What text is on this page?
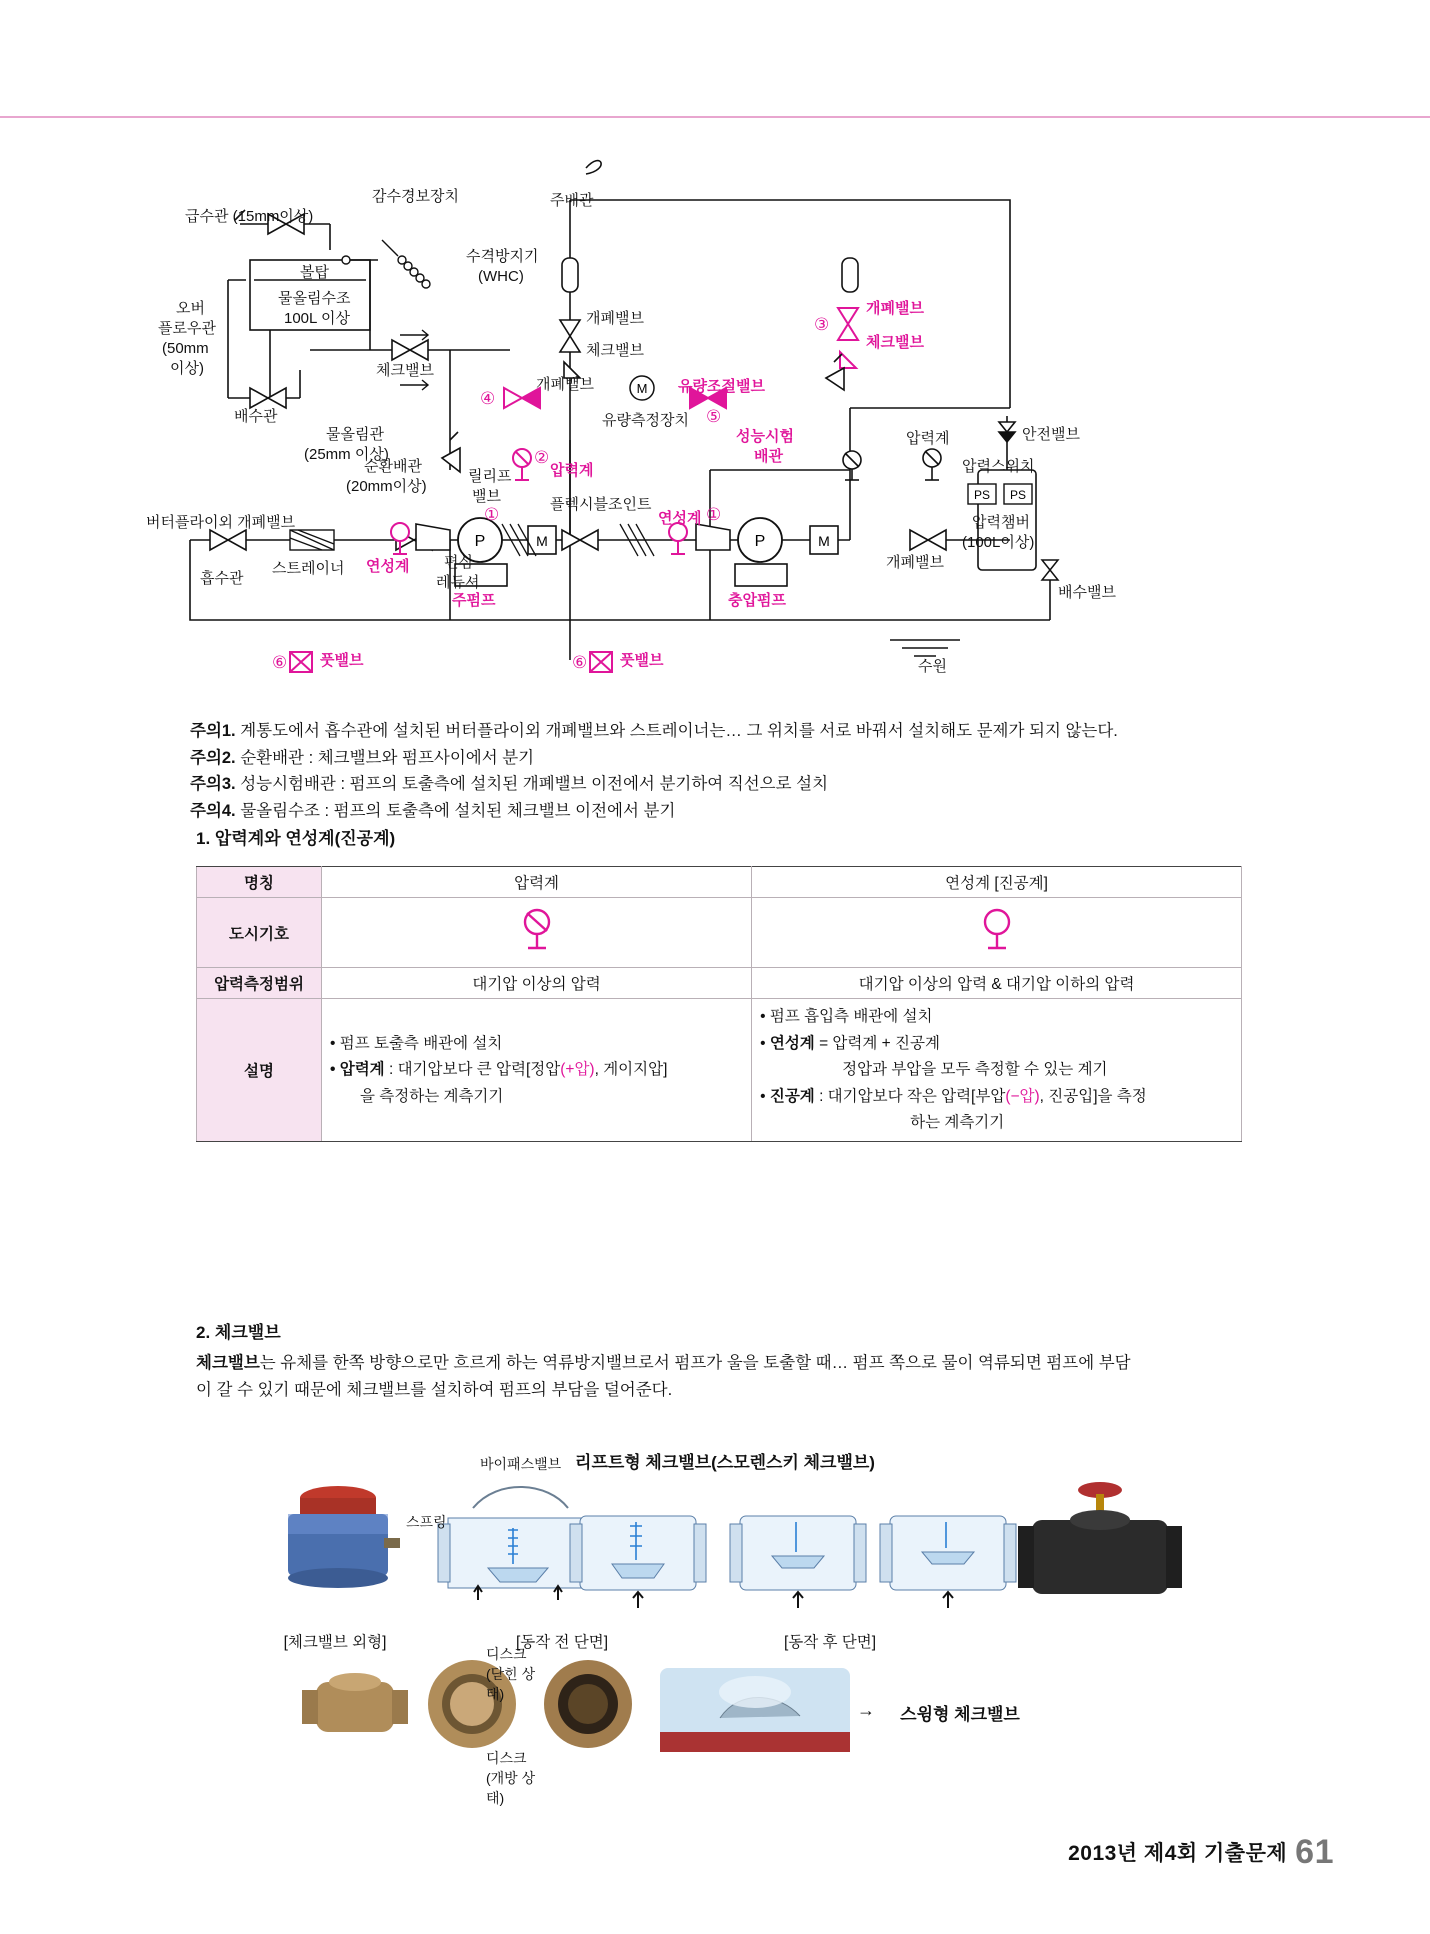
P	P
M	M
M
PS PS
①
②
③
④
⑤
⑥	⑥
①
급수관 (15mm이상)
감수경보장치	주배관
볼탑
물올림수조
100L 이상
오버
플로우관
(50mm
이상)
배수관
수격방지기
(WHC)
개폐밸브
체크밸브
개폐밸브
체크밸브
체크밸브
개폐밸브	유량조절밸브
유량측정장치
성능시험
배관
물올림관
(25mm 이상)
순환배관
(20mm이상)
릴리프
밸브
압력계
플렉시블조인트
연성계
압력계	안전밸브
압력스위치
압력챔버
(100L이상)
개폐밸브
배수밸브
버터플라이외 개폐밸브
스트레이너 연성계 편심
레듀셔
흡수관
주펌프	충압펌프
풋밸브	풋밸브	수원
주의1. 계통도에서 흡수관에 설치된 버터플라이외 개폐밸브와 스트레이너는… 그 위치를 서로 바꿔서 설치해도 문제가 되지 않는다.
주의2. 순환배관 : 체크밸브와 펌프사이에서 분기
주의3. 성능시험배관 : 펌프의 토출측에 설치된 개폐밸브 이전에서 분기하여 직선으로 설치
주의4. 물올림수조 : 펌프의 토출측에 설치된 체크밸브 이전에서 분기
1. 압력계와 연성계(진공계)
명칭	압력계	연성계 [진공계]
도시기호		
압력측정범위	대기압 이상의 압력	대기압 이상의 압력 & 대기압 이하의 압력
설명	
• 펌프 토출측 배관에 설치
• 압력계 : 대기압보다 큰 압력[정압(+압), 게이지압]
을 측정하는 계측기기

• 펌프 흡입측 배관에 설치
• 연성계 = 압력계 + 진공계
정압과 부압을 모두 측정할 수 있는 계기
• 진공계 : 대기압보다 작은 압력[부압(−압), 진공입]을 측정
하는 계측기기
2. 체크밸브
체크밸브는 유체를 한쪽 방향으로만 흐르게 하는 역류방지밸브로서 펌프가 울을 토출할 때… 펌프 쪽으로 물이 역류되면 펌프에 부담
이 갈 수 있기 때문에 체크밸브를 설치하여 펌프의 부담을 덜어준다.
리프트형 체크밸브(스모렌스키 체크밸브)
바이패스밸브
스프링
[체크밸브 외형]	[동작 전 단면]	[동작 후 단면]
디스크(닫힌 상태)
디스크(개방 상태)
→ 스윙형 체크밸브
2013년 제4회 기출문제 61
